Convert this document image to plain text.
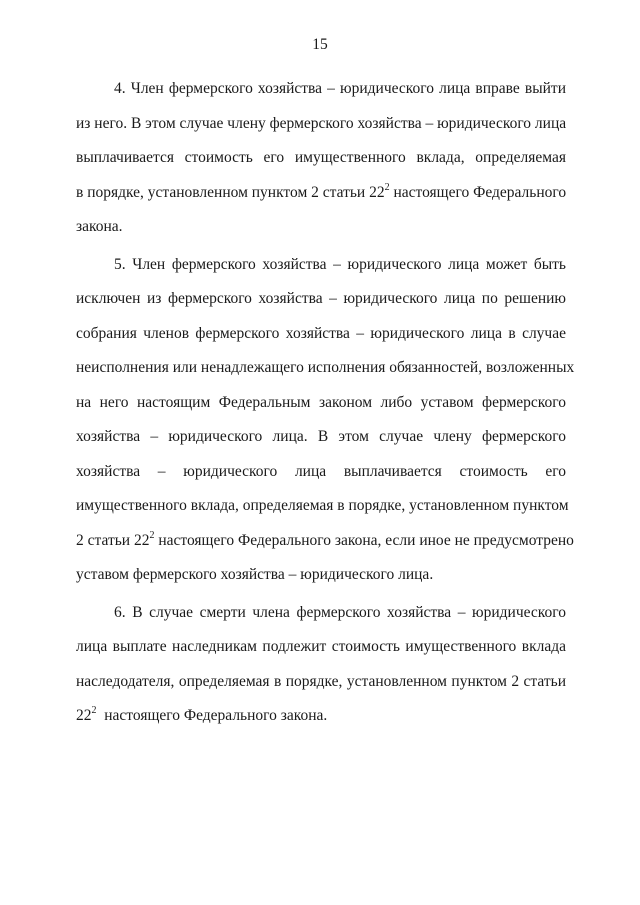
15

4. Член фермерского хозяйства – юридического лица вправе выйти
из него. В этом случае члену фермерского хозяйства – юридического лица
выплачивается стоимость его имущественного вклада, определяемая
в порядке, установленном пунктом 2 статьи $22^2$ настоящего Федерального
закона.

5. Член фермерского хозяйства – юридического лица может быть
исключен из фермерского хозяйства – юридического лица по решению
собрания членов фермерского хозяйства – юридического лица в случае
неисполнения или ненадлежащего исполнения обязанностей, возложенных
на него настоящим Федеральным законом либо уставом фермерского
хозяйства – юридического лица. В этом случае члену фермерского
хозяйства – юридического лица выплачивается стоимость его
имущественного вклада, определяемая в порядке, установленном пунктом
2 статьи $22^2$ настоящего Федерального закона, если иное не предусмотрено
уставом фермерского хозяйства – юридического лица.

6. В случае смерти члена фермерского хозяйства – юридического
лица выплате наследникам подлежит стоимость имущественного вклада
наследодателя, определяемая в порядке, установленном пунктом 2 статьи
$22^2$  настоящего Федерального закона.
